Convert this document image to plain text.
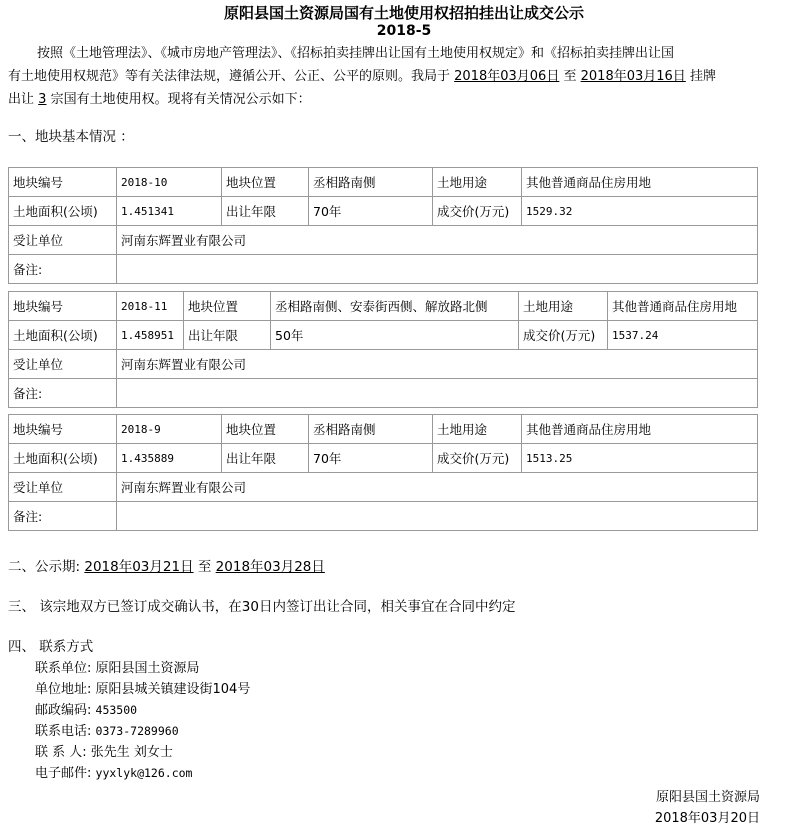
原阳县国土资源局国有土地使用权招拍挂出让成交公示
2018-5
按照《土地管理法》、《城市房地产管理法》、《招标拍卖挂牌出让国有土地使用权规定》和《招标拍卖挂牌出让国
有土地使用权规范》等有关法律法规，遵循公开、公正、公平的原则。我局于 2018年03月06日 至 2018年03月16日 挂牌
出让 3 宗国有土地使用权。现将有关情况公示如下：
一、地块基本情况 ：
地块编号	2018-10	地块位置	丞相路南侧	土地用途	其他普通商品住房用地
土地面积(公顷)	1.451341	出让年限	70年	成交价(万元)	1529.32
受让单位	河南东辉置业有限公司				
备注:					
地块编号	2018-11	地块位置	丞相路南侧、安泰街西侧、解放路北侧	土地用途	其他普通商品住房用地
土地面积(公顷)	1.458951	出让年限	50年	成交价(万元)	1537.24
受让单位	河南东辉置业有限公司				
备注:					
地块编号	2018-9	地块位置	丞相路南侧	土地用途	其他普通商品住房用地
土地面积(公顷)	1.435889	出让年限	70年	成交价(万元)	1513.25
受让单位	河南东辉置业有限公司				
备注:					
二、公示期: 2018年03月21日 至 2018年03月28日
三、 该宗地双方已签订成交确认书，在30日内签订出让合同，相关事宜在合同中约定
四、 联系方式
联系单位: 原阳县国土资源局
单位地址: 原阳县城关镇建设街104号
邮政编码: 453500
联系电话: 0373-7289960
联 系 人: 张先生 刘女士
电子邮件: yyxlyk@126.com
原阳县国土资源局
2018年03月20日
